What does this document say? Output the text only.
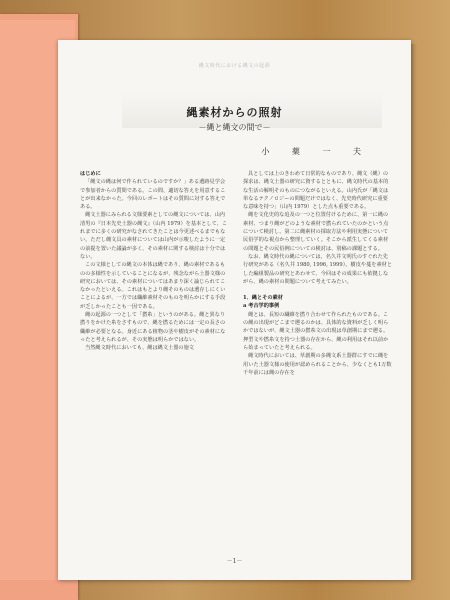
縄文時代における縄文の起源
縄素材からの照射
－縄と縄文の間で－
小 薬 一 夫

はじめに

「縄文の縄は何で作られているのですか？」ある遺跡見学会で参加者からの質問である。この問、適切な答えを用意することが出来なかった。今回のレポートはその質問に対する答えである。

縄文土器にみられる文様要素としての縄文については、山内清男の『日本先史土器の縄文』（山内 1979）を基本として、これまでに多くの研究がなされてきたことは今更述べるまでもない。ただし縄文具の素材については山内が示唆したように一定の前提を置いた議論が多く、その素材に関する検討は十分ではない。

この文様としての縄文の本体は縄であり、縄の素材であるものの多様性を示していることになるが、残念ながら土器文様の研究においては、その素材についてはあまり深く論じられてこなかったといえる。これはもとより縄そのものは遺存しにくいことによるが、一方では繊維素材そのものを明らかにする手段が乏しかったことも一因である。

縄の起源の一つとして「撚糸」というのがある。縄と異なり撚りをかけた糸をさすもので、縄を撚るためには一定の長さの繊維が必要となる。身近にある植物の茎や樹皮がその素材になったと考えられるが、その実態は明らかではない。

当然縄文時代においても、縄は縄文土器の施文

具としては上のきわめて日常的なものであり、縄文（縄）の探求は、縄文土器の研究に資するとともに、縄文時代の基本的な生活の解明そのものにつながるといえる。山内氏が「縄文は単なるテクノロジーの問題だけではなく、先史時代研究に重要な意味を持つ」（山内 1979）とした点も重要である。

縄を文化史的な追及の一つと位置付けるために、第一に縄の素材、つまり縄がどのような素材で撚られていたのかという点について検討し、第二に縄素材の採取方法や利用実態について民俗学的な視点から整理していく。そこから派生してくる素材の問題とその民俗例についての検討は、別稿の課題とする。

なお、縄文時代の縄については、名久井文明氏のすぐれた先行研究がある（名久井 1980, 1996, 1999）。樹皮や蔓を素材とした編組製品の研究とあわせて、今回はその成果にも依拠しながら、縄の素材の問題について考えてみたい。

1．縄とその素材

a 考古学的事例

縄とは、長短の繊維を撚り合わせて作られたものである。この縄の出現がどこまで遡るのかは、具体的な資料が乏しく明らかではないが、縄文土器の撚糸文の出現は草創期にまで遡る。押型文や撚糸文を持つ土器の存在から、縄の利用はそれ以前から始まっていたと考えられる。

縄文時代においては、草創期の多縄文系土器群にすでに縄を用いた土器文様の使用が認められることから、少なくとも1万数千年前には縄の存在を

－1－
